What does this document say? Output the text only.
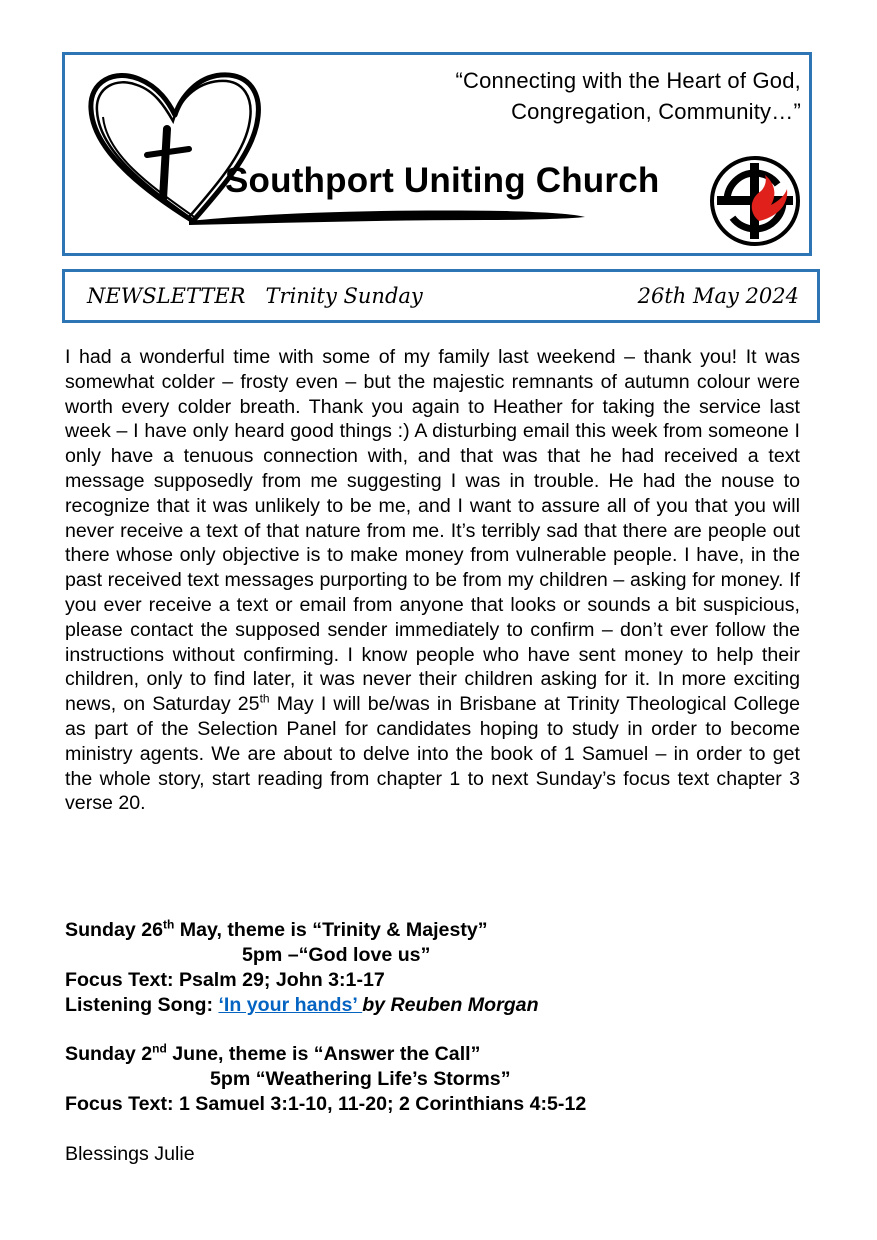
“Connecting with the Heart of God,
Congregation, Community…”
Southport Uniting Church
NEWSLETTER   Trinity Sunday	26th May 2024
I had a wonderful time with some of my family last weekend – thank you! It was somewhat colder – frosty even – but the majestic remnants of autumn colour were worth every colder breath. Thank you again to Heather for taking the service last week – I have only heard good things :) A disturbing email this week from someone I only have a tenuous connection with, and that was that he had received a text message supposedly from me suggesting I was in trouble. He had the nouse to recognize that it was unlikely to be me, and I want to assure all of you that you will never receive a text of that nature from me. It’s terribly sad that there are people out there whose only objective is to make money from vulnerable people. I have, in the past received text messages purporting to be from my children – asking for money. If you ever receive a text or email from anyone that looks or sounds a bit suspicious, please contact the supposed sender immediately to confirm – don’t ever follow the instructions without confirming. I know people who have sent money to help their children, only to find later, it was never their children asking for it. In more exciting news, on Saturday 25th May I will be/was in Brisbane at Trinity Theological College as part of the Selection Panel for candidates hoping to study in order to become ministry agents. We are about to delve into the book of 1 Samuel – in order to get the whole story, start reading from chapter 1 to next Sunday’s focus text chapter 3 verse 20.
Sunday 26th May, theme is “Trinity & Majesty”
5pm –“God love us”
Focus Text: Psalm 29; John 3:1-17
Listening Song: ‘In your hands’ by Reuben Morgan
Sunday 2nd June, theme is “Answer the Call”
5pm “Weathering Life’s Storms”
Focus Text: 1 Samuel 3:1-10, 11-20; 2 Corinthians 4:5-12
Blessings Julie
